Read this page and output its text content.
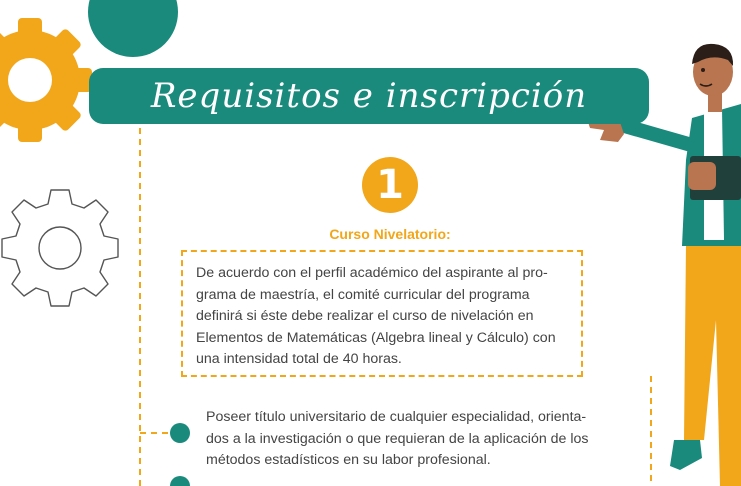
Requisitos e inscripción
1
Curso Nivelatorio:
De acuerdo con el perfil académico del aspirante al pro-
grama de maestría, el comité curricular del programa
definirá si éste debe realizar el curso de nivelación en
Elementos de Matemáticas (Algebra lineal y Cálculo) con
una intensidad total de 40 horas.
Poseer título universitario de cualquier especialidad, orienta-
dos a la investigación o que requieran de la aplicación de los
métodos estadísticos en su labor profesional.
